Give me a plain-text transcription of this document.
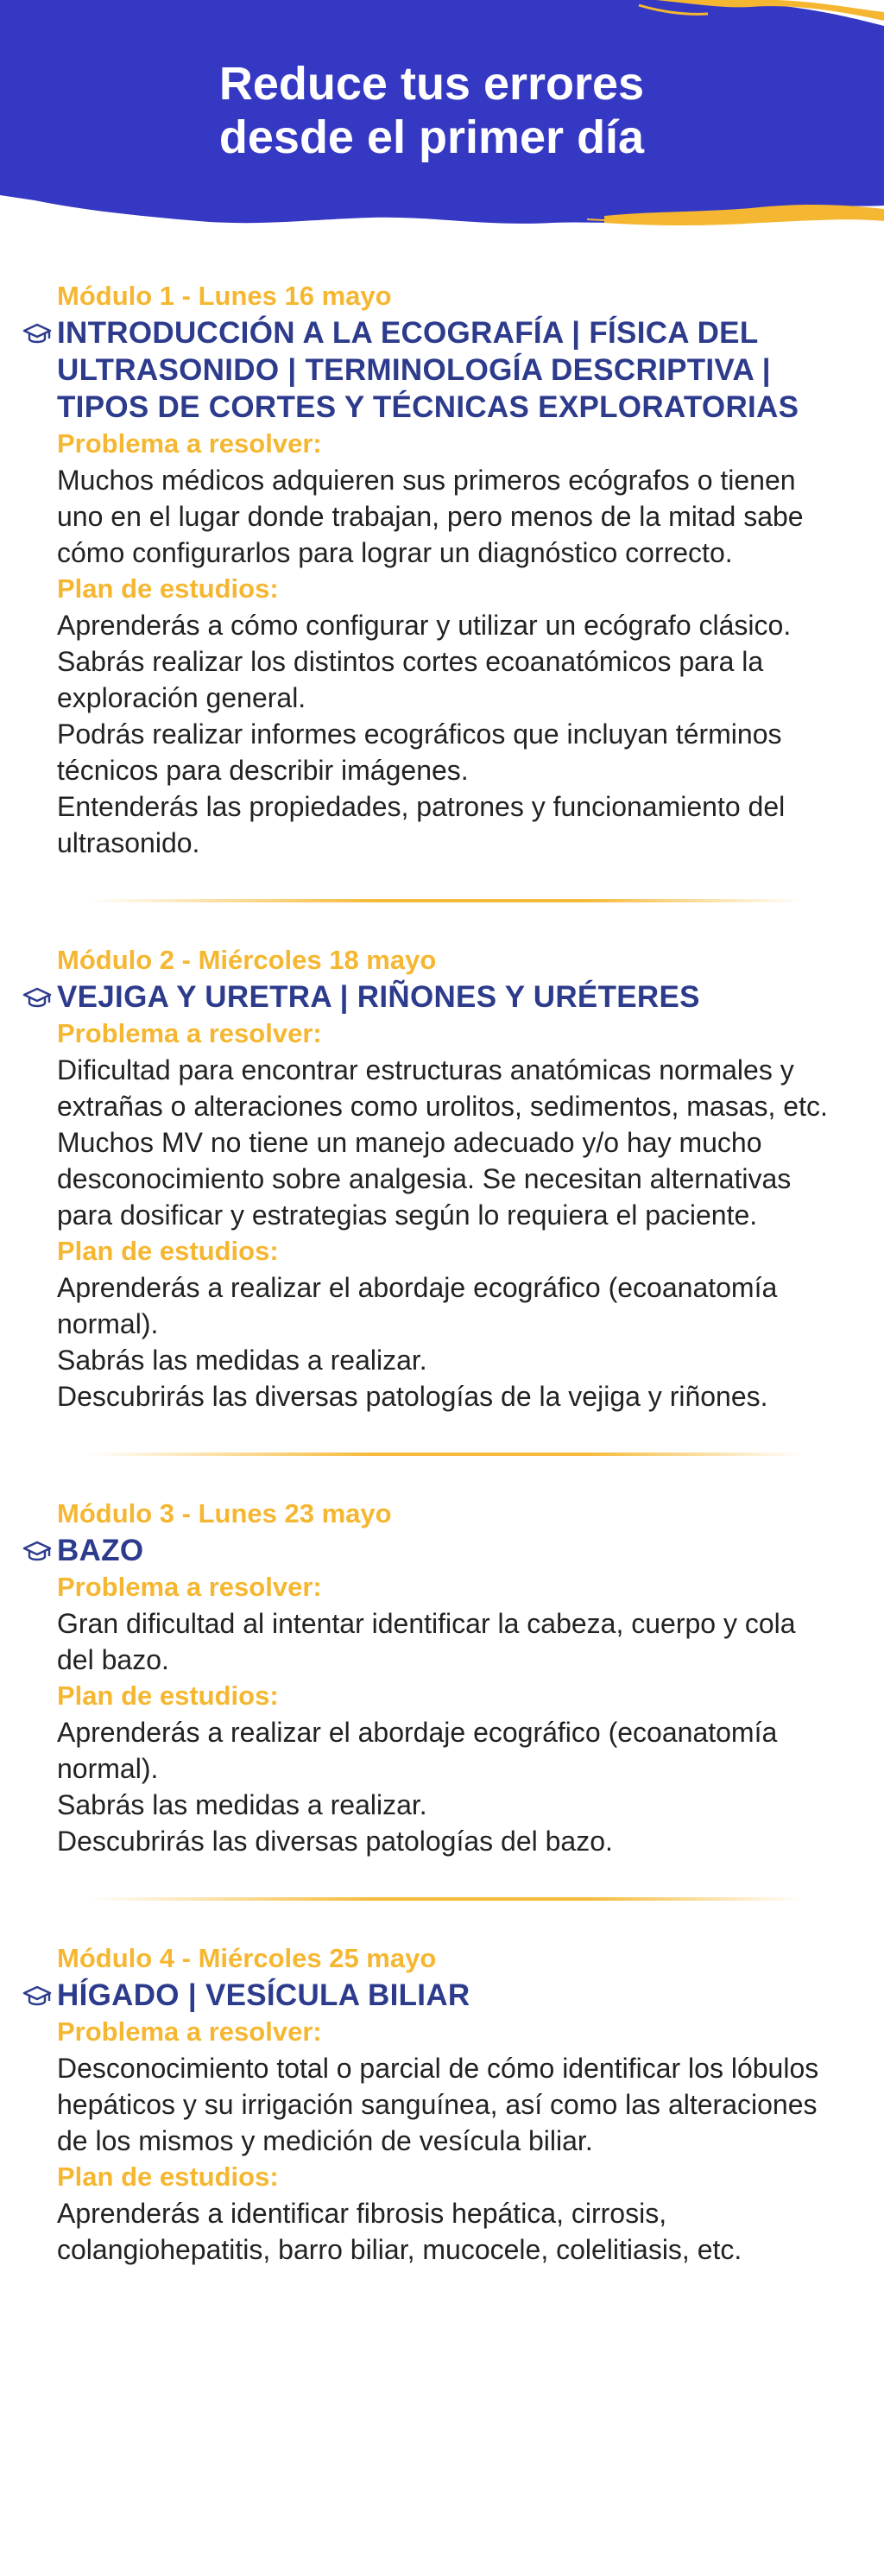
Reduce tus errores
desde el primer día
Módulo 1 - Lunes 16 mayo
INTRODUCCIÓN A LA ECOGRAFÍA | FÍSICA DEL ULTRASONIDO | TERMINOLOGÍA DESCRIPTIVA | TIPOS DE CORTES Y TÉCNICAS EXPLORATORIAS
Problema a resolver:

Muchos médicos adquieren sus primeros ecógrafos o tienen uno en el lugar donde trabajan, pero menos de la mitad sabe cómo configurarlos para lograr un diagnóstico correcto.

Plan de estudios:

Aprenderás a cómo configurar y utilizar un ecógrafo clásico.

Sabrás realizar los distintos cortes ecoanatómicos para la exploración general.

Podrás realizar informes ecográficos que incluyan términos técnicos para describir imágenes.

Entenderás las propiedades, patrones y funcionamiento del ultrasonido.

Módulo 2 - Miércoles 18 mayo
VEJIGA Y URETRA | RIÑONES Y URÉTERES
Problema a resolver:

Dificultad para encontrar estructuras anatómicas normales y extrañas o alteraciones como urolitos, sedimentos, masas, etc.

Muchos MV no tiene un manejo adecuado y/o hay mucho desconocimiento sobre analgesia. Se necesitan alternativas para dosificar y estrategias según lo requiera el paciente.

Plan de estudios:

Aprenderás a realizar el abordaje ecográfico (ecoanatomía normal).

Sabrás las medidas a realizar.

Descubrirás las diversas patologías de la vejiga y riñones.

Módulo 3 - Lunes 23 mayo
BAZO
Problema a resolver:

Gran dificultad al intentar identificar la cabeza, cuerpo y cola del bazo.

Plan de estudios:

Aprenderás a realizar el abordaje ecográfico (ecoanatomía normal).

Sabrás las medidas a realizar.

Descubrirás las diversas patologías del bazo.

Módulo 4 - Miércoles 25 mayo
HÍGADO | VESÍCULA BILIAR
Problema a resolver:

Desconocimiento total o parcial de cómo identificar los lóbulos hepáticos y su irrigación sanguínea, así como las alteraciones de los mismos y medición de vesícula biliar.

Plan de estudios:

Aprenderás a identificar fibrosis hepática, cirrosis, colangiohepatitis, barro biliar, mucocele, colelitiasis, etc.
